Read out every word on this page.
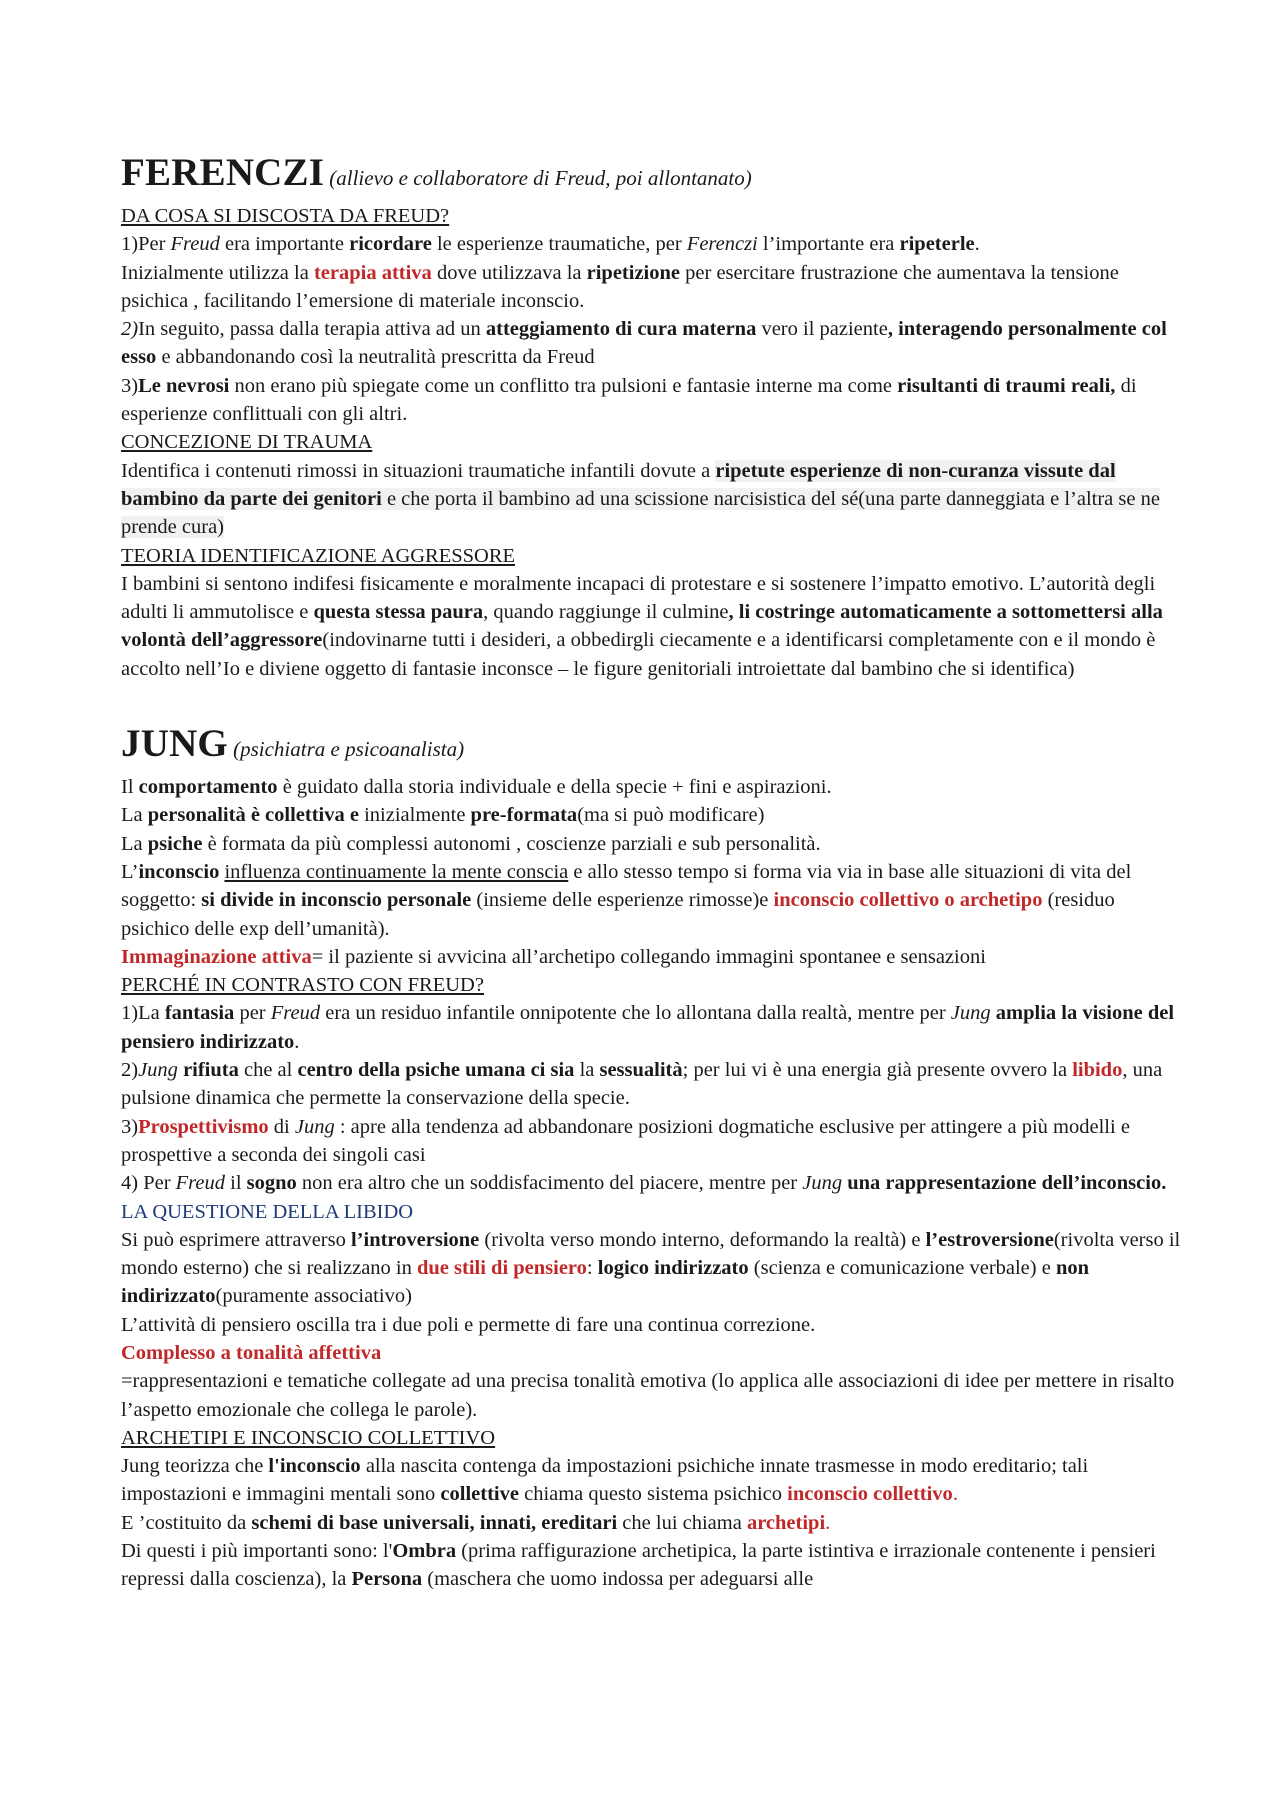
FERENCZI (allievo e collaboratore di Freud, poi allontanato)

DA COSA SI DISCOSTA DA FREUD?

1)Per Freud era importante ricordare le esperienze traumatiche, per Ferenczi l’importante era ripeterle.

Inizialmente utilizza la terapia attiva dove utilizzava la ripetizione per esercitare frustrazione che aumentava la tensione psichica , facilitando l’emersione di materiale inconscio.

2)In seguito, passa dalla terapia attiva ad un atteggiamento di cura materna vero il paziente, interagendo personalmente col esso e abbandonando così la neutralità prescritta da Freud

3)Le nevrosi non erano più spiegate come un conflitto tra pulsioni e fantasie interne ma come risultanti di traumi reali, di esperienze conflittuali con gli altri.

CONCEZIONE DI TRAUMA

Identifica i contenuti rimossi in situazioni traumatiche infantili dovute a ripetute esperienze di non-curanza vissute dal bambino da parte dei genitori e che porta il bambino ad una scissione narcisistica del sé(una parte danneggiata e l’altra se ne prende cura)

TEORIA IDENTIFICAZIONE AGGRESSORE

I bambini si sentono indifesi fisicamente e moralmente incapaci di protestare e si sostenere l’impatto emotivo. L’autorità degli adulti li ammutolisce e questa stessa paura, quando raggiunge il culmine, li costringe automaticamente a sottomettersi alla volontà dell’aggressore(indovinarne tutti i desideri, a obbedirgli ciecamente e a identificarsi completamente con e il mondo è accolto nell’Io e diviene oggetto di fantasie inconsce – le figure genitoriali introiettate dal bambino che si identifica)

JUNG (psichiatra e psicoanalista)

Il comportamento è guidato dalla storia individuale e della specie + fini e aspirazioni.

La personalità è collettiva e inizialmente pre-formata(ma si può modificare)

La psiche è formata da più complessi autonomi , coscienze parziali e sub personalità.

L’inconscio influenza continuamente la mente conscia e allo stesso tempo si forma via via in base alle situazioni di vita del soggetto: si divide in inconscio personale (insieme delle esperienze rimosse)e inconscio collettivo o archetipo (residuo psichico delle exp dell’umanità).

Immaginazione attiva= il paziente si avvicina all’archetipo collegando immagini spontanee e sensazioni

PERCHÉ IN CONTRASTO CON FREUD?

1)La fantasia per Freud era un residuo infantile onnipotente che lo allontana dalla realtà, mentre per Jung amplia la visione del pensiero indirizzato.

2)Jung rifiuta che al centro della psiche umana ci sia la sessualità; per lui vi è una energia già presente ovvero la libido, una pulsione dinamica che permette la conservazione della specie.

3)Prospettivismo di Jung : apre alla tendenza ad abbandonare posizioni dogmatiche esclusive per attingere a più modelli e prospettive a seconda dei singoli casi

4) Per Freud il sogno non era altro che un soddisfacimento del piacere, mentre per Jung una rappresentazione dell’inconscio.

LA QUESTIONE DELLA LIBIDO

Si può esprimere attraverso l’introversione (rivolta verso mondo interno, deformando la realtà) e l’estroversione(rivolta verso il mondo esterno) che si realizzano in due stili di pensiero: logico indirizzato (scienza e comunicazione verbale) e non indirizzato(puramente associativo)

L’attività di pensiero oscilla tra i due poli e permette di fare una continua correzione.

Complesso a tonalità affettiva

=rappresentazioni e tematiche collegate ad una precisa tonalità emotiva (lo applica alle associazioni di idee per mettere in risalto l’aspetto emozionale che collega le parole).

ARCHETIPI E INCONSCIO COLLETTIVO

Jung teorizza che l'inconscio alla nascita contenga da impostazioni psichiche innate trasmesse in modo ereditario; tali impostazioni e immagini mentali sono collettive chiama questo sistema psichico inconscio collettivo.

E ’costituito da schemi di base universali, innati, ereditari che lui chiama archetipi.

Di questi i più importanti sono: l'Ombra (prima raffigurazione archetipica, la parte istintiva e irrazionale contenente i pensieri repressi dalla coscienza), la Persona (maschera che uomo indossa per adeguarsi alle
